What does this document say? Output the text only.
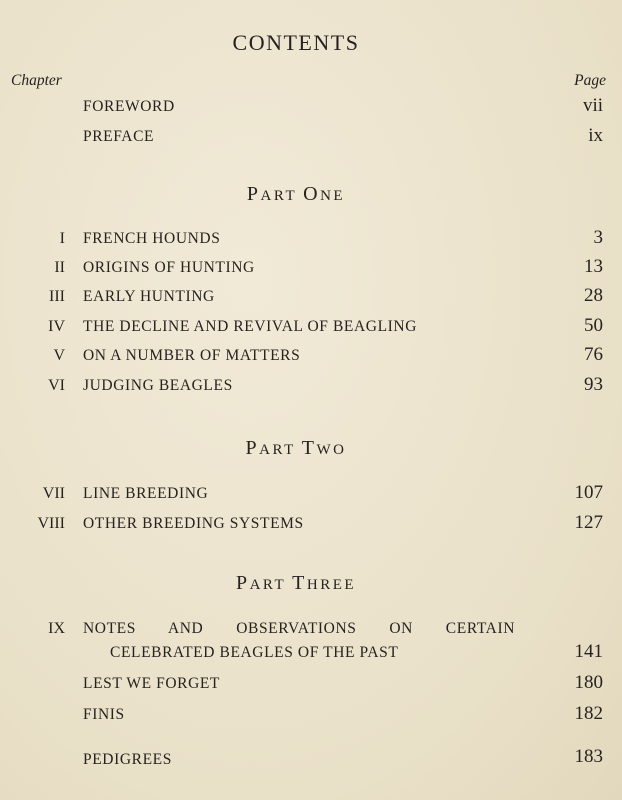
CONTENTS
Chapter	Page
FOREWORD	vii
PREFACE	ix
PART ONE
I FRENCH HOUNDS	3
II ORIGINS OF HUNTING	13
III EARLY HUNTING	28
IV THE DECLINE AND REVIVAL OF BEAGLING	50
V ON A NUMBER OF MATTERS	76
VI JUDGING BEAGLES	93
PART TWO
VII LINE BREEDING	107
VIII OTHER BREEDING SYSTEMS	127
PART THREE
IX NOTES AND OBSERVATIONS ON CERTAIN
CELEBRATED BEAGLES OF THE PAST	141
LEST WE FORGET	180
FINIS	182
PEDIGREES	183
